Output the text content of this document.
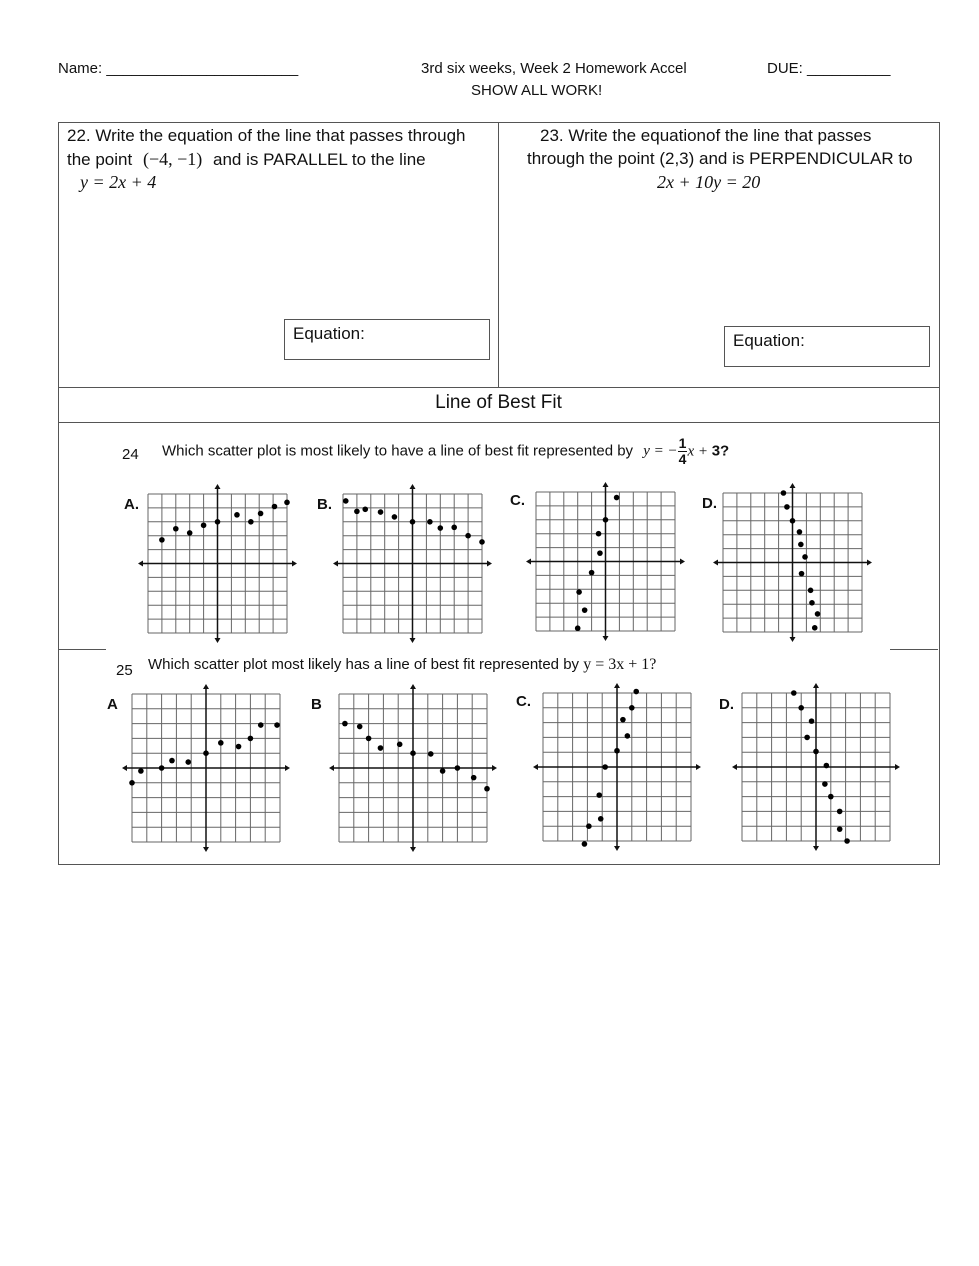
Name: _______________________	3rd six weeks, Week 2 Homework Accel
SHOW ALL WORK!
DUE: __________
22. Write the equation of the line that passes through
the point (−4, −1) and is PARALLEL to the line
y = 2x + 4
Equation:
23. Write the equationof the line that passes
through the point (2,3) and is PERPENDICULAR to
2x + 10y = 20
Equation:
Line of Best Fit
24 Which scatter plot is most likely to have a line of best fit represented by y = − $\frac{1}{4}$ x + 3?
A.	B.	C.	D.
25 Which scatter plot most likely has a line of best fit represented by y = 3x + 1?
A	B	C.	D.
